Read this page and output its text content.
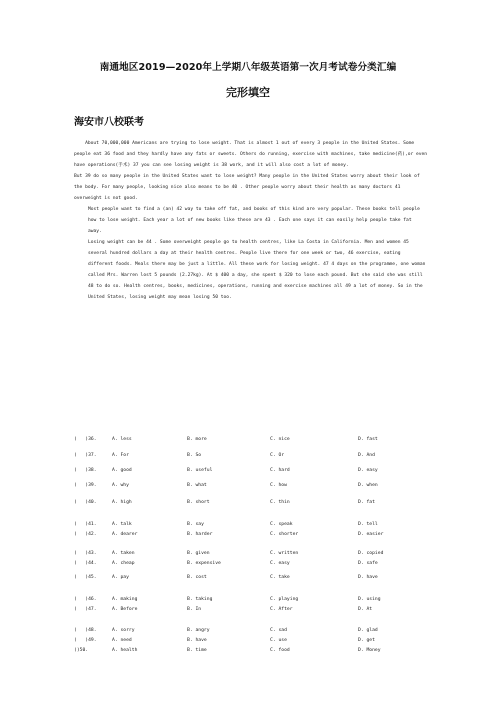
南通地区2019—2020年上学期八年级英语第一次月考试卷分类汇编
完形填空
海安市八校联考

About 70,000,000 Americans are trying to lose weight. That is almost 1 out of every 3 people in the United States. Some people eat 36 food and they hardly have any fats or sweets. Others do running, exercise with machines, take medicine(药),or even have operations(手术) 37 you can see losing weight is 38 work, and it will also cost a lot of money.

But 39 do so many people in the United States want to lose weight? Many people in the United States worry about their look of the body. For many people, looking nice also means to be 40 . Other people worry about their health as many doctors 41 overweight is not good.

Most people want to find a (an) 42 way to take off fat, and books of this kind are very popular. These books tell people how to lose weight. Each year a lot of new books like these are 43 . Each one says it can easily help people take fat away.

Losing weight can be 44 . Some overweight people go to health centres, like La Costa in California. Men and women 45 several hundred dollars a day at their health centres. People live there for one week or two, 46 exercise, eating different foods. Meals there may be just a little. All these work for losing weight. 47 4 days on the programme, one woman called Mrs. Warren lost 5 pounds (2.27kg). At $ 400 a day, she spent $ 320 to lose each pound. But she said she was still 48 to do so. Health centres, books, medicines, operations, running and exercise machines all 49 a lot of money. So in the United States, losing weight may mean losing 50 too.

(   )36.	A. less	B. more	C. nice	D. fast
(   )37.	A. For	B. So	C. Or	D. And
(   )38.	A. good	B. useful	C. hard	D. easy
(   )39.	A. why	B. what	C. how	D. when
(   )40.	A. high	B. short	C. thin	D. fat
(   )41.	A. talk	B. say	C. speak	D. tell
(   )42.	A. dearer	B. harder	C. shorter	D. easier
(   )43.	A. taken	B. given	C. written	D. copied
(   )44.	A. cheap	B. expensive	C. easy	D. safe
(   )45.	A. pay	B. cost	C. take	D. have
(   )46.	A. making	B. taking	C. playing	D. using
(   )47.	A. Before	B. In	C. After	D. At
(   )48.	A. sorry	B. angry	C. sad	D. glad
(   )49.	A. need	B. have	C. use	D. get
()50.	A. health	B. time	C. food	D. Money
